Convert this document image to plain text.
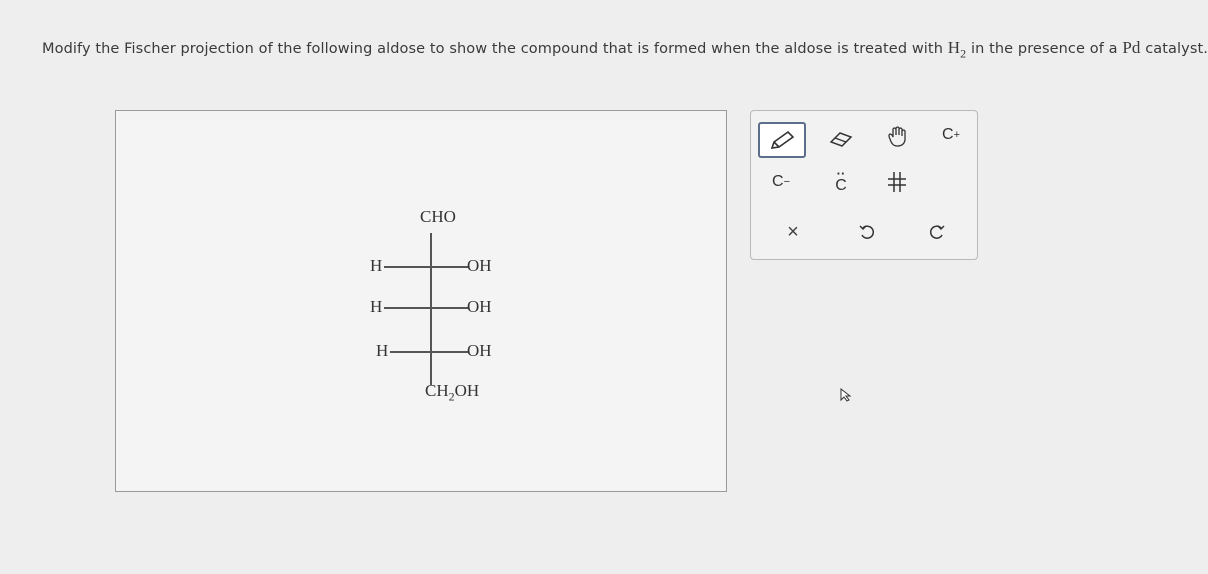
Modify the Fischer projection of the following aldose to show the compound that is formed when the aldose is treated with $H_2$ in the presence of a Pd catalyst.
CHO
H	OH
H	OH
H	OH
$CH_2OH$
C +
C −
··
C
×
